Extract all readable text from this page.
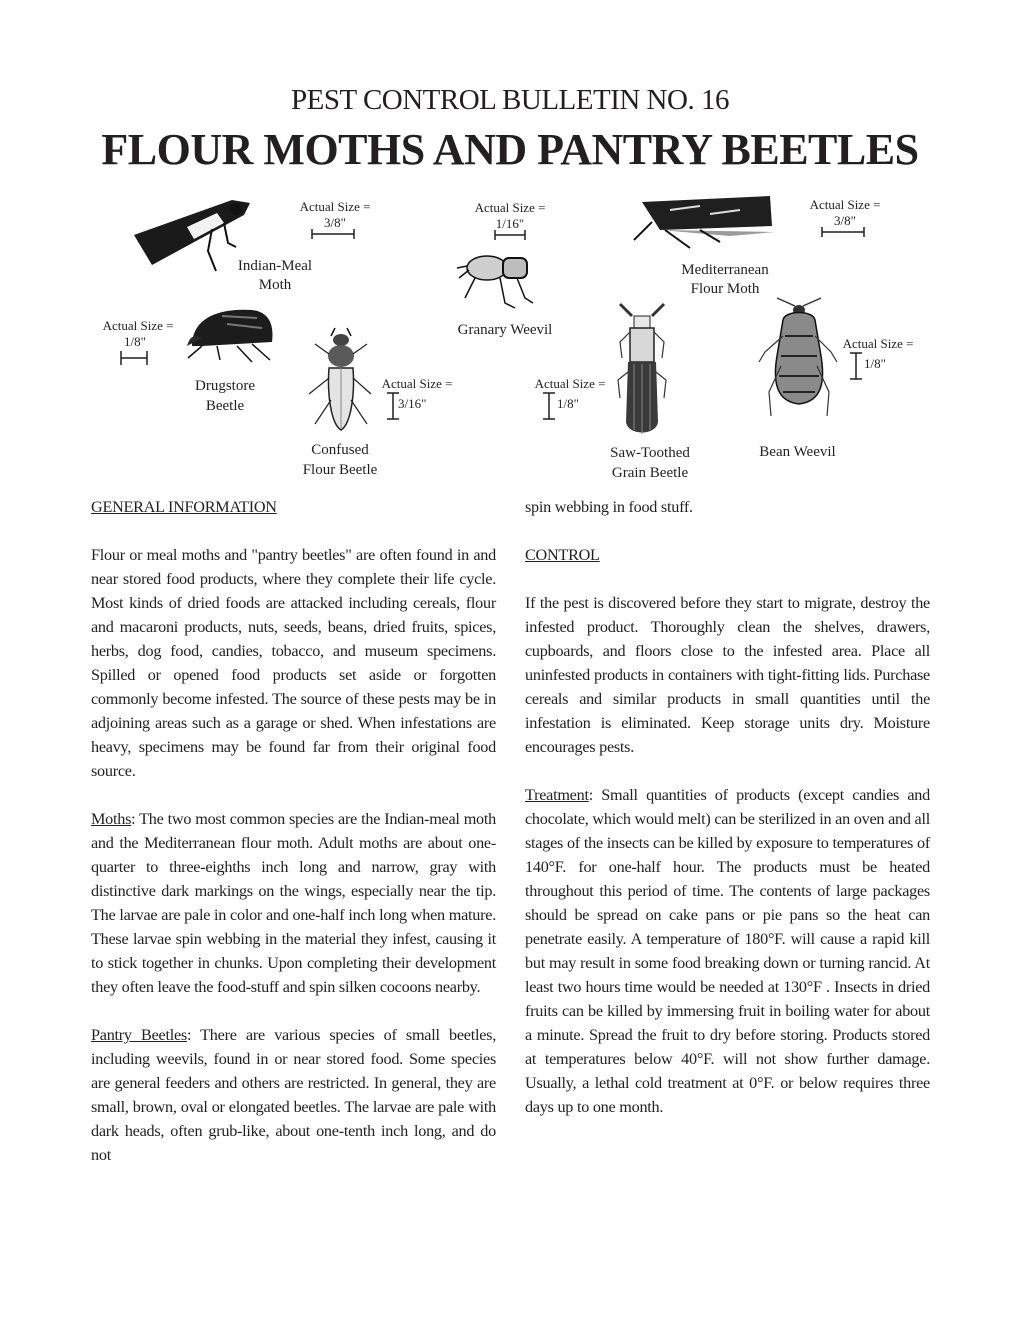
PEST CONTROL BULLETIN NO. 16
FLOUR MOTHS AND PANTRY BEETLES
Actual Size =
3/8"
Indian-Meal
Moth
Actual Size =
1/16"
Granary Weevil
Mediterranean
Flour Moth
Actual Size =
3/8"
Actual Size =
1/8"
Drugstore
Beetle
Actual Size =
3/16"
Confused
Flour Beetle
Actual Size =
1/8"
Saw-Toothed
Grain Beetle
Actual Size =
1/8"
Bean Weevil

GENERAL INFORMATION

Flour or meal moths and "pantry beetles" are often found in and near stored food products, where they complete their life cycle. Most kinds of dried foods are attacked including cereals, flour and macaroni products, nuts, seeds, beans, dried fruits, spices, herbs, dog food, candies, tobacco, and museum specimens. Spilled or opened food products set aside or forgotten commonly become infested. The source of these pests may be in adjoining areas such as a garage or shed. When infestations are heavy, specimens may be found far from their original food source.

Moths: The two most common species are the Indian-meal moth and the Mediterranean flour moth. Adult moths are about one-quarter to three-eighths inch long and narrow, gray with distinctive dark markings on the wings, especially near the tip. The larvae are pale in color and one-half inch long when mature. These larvae spin webbing in the material they infest, causing it to stick together in chunks. Upon completing their development they often leave the food-stuff and spin silken cocoons nearby.

Pantry Beetles: There are various species of small beetles, including weevils, found in or near stored food. Some species are general feeders and others are restricted. In general, they are small, brown, oval or elongated beetles. The larvae are pale with dark heads, often grub-like, about one-tenth inch long, and do not

spin webbing in food stuff.

CONTROL

If the pest is discovered before they start to migrate, destroy the infested product. Thoroughly clean the shelves, drawers, cupboards, and floors close to the infested area. Place all uninfested products in containers with tight-fitting lids. Purchase cereals and similar products in small quantities until the infestation is eliminated. Keep storage units dry. Moisture encourages pests.

Treatment: Small quantities of products (except candies and chocolate, which would melt) can be sterilized in an oven and all stages of the insects can be killed by exposure to temperatures of 140°F. for one-half hour. The products must be heated throughout this period of time. The contents of large packages should be spread on cake pans or pie pans so the heat can penetrate easily. A temperature of 180°F. will cause a rapid kill but may result in some food breaking down or turning rancid. At least two hours time would be needed at 130°F . Insects in dried fruits can be killed by immersing fruit in boiling water for about a minute. Spread the fruit to dry before storing. Products stored at temperatures below 40°F. will not show further damage. Usually, a lethal cold treatment at 0°F. or below requires three days up to one month.
